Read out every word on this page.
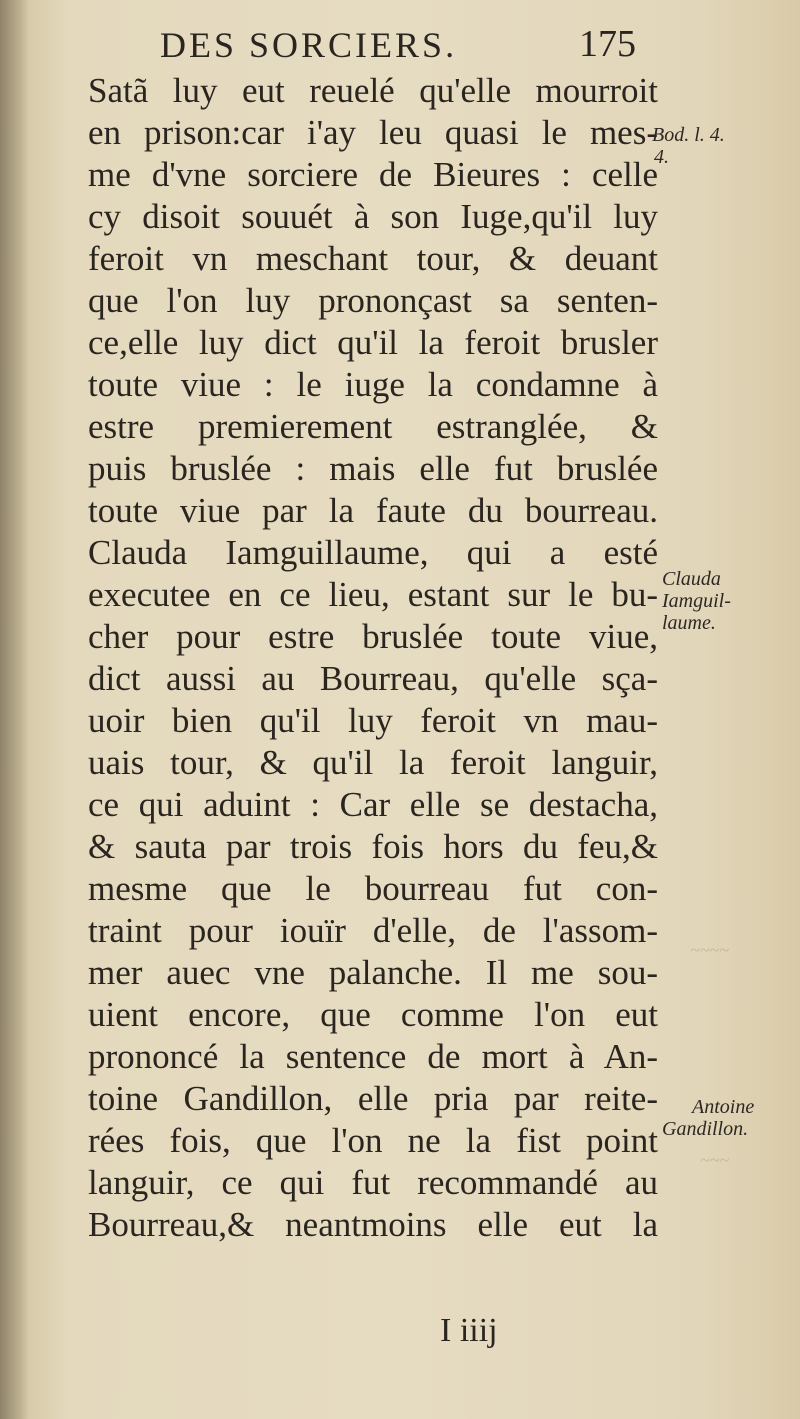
DES SORCIERS.	175
Satã luy eut reuelé qu'elle mourroit
en prison:car i'ay leu quasi le mes-
me d'vne sorciere de Bieures : celle
cy disoit souuét à son Iuge,qu'il luy
feroit vn meschant tour, & deuant
que l'on luy prononçast sa senten-
ce,elle luy dict qu'il la feroit brusler
toute viue : le iuge la condamne à
estre premierement estranglée, &
puis bruslée : mais elle fut bruslée
toute viue par la faute du bourreau.
Clauda Iamguillaume, qui a esté
executee en ce lieu, estant sur le bu-
cher pour estre bruslée toute viue,
dict aussi au Bourreau, qu'elle sça-
uoir bien qu'il luy feroit vn mau-
uais tour, & qu'il la feroit languir,
ce qui aduint : Car elle se destacha,
& sauta par trois fois hors du feu,&
mesme que le bourreau fut con-
traint pour iouïr d'elle, de l'assom-
mer auec vne palanche. Il me sou-
uient encore, que comme l'on eut
prononcé la sentence de mort à An-
toine Gandillon, elle pria par reite-
rées fois, que l'on ne la fist point
languir, ce qui fut recommandé au
Bourreau,& neantmoins elle eut la
Bod. l. 4.
4.
Clauda
Iamguil-
laume.
Antoine
Gandillon.
~~~~
~~~
I iiij
